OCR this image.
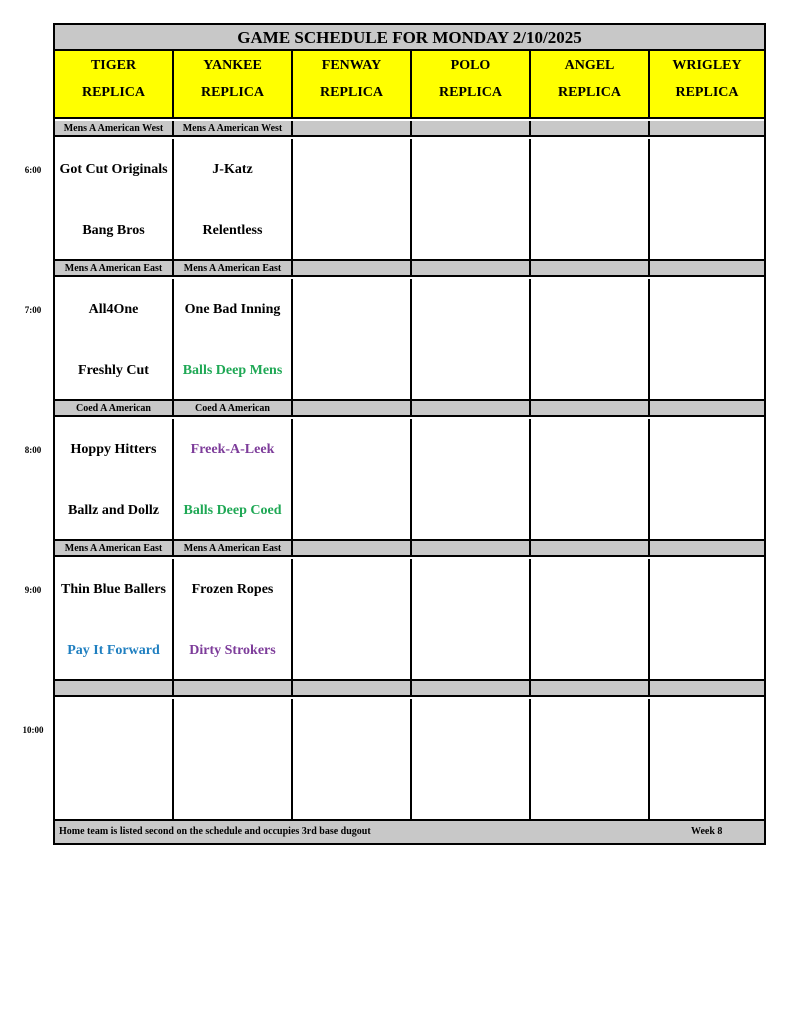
GAME SCHEDULE FOR MONDAY 2/10/2025
TIGER
REPLICA
YANKEE
REPLICA
FENWAY
REPLICA
POLO
REPLICA
ANGEL
REPLICA
WRIGLEY
REPLICA
Mens A American West
Got Cut Originals
Bang Bros
Mens A American West
J-Katz
Relentless
Mens A American East
All4One
Freshly Cut
Mens A American East
One Bad Inning
Balls Deep Mens
Coed A American
Hoppy Hitters
Ballz and Dollz
Coed A American
Freek-A-Leek
Balls Deep Coed
Mens A American East
Thin Blue Ballers
Pay It Forward
Mens A American East
Frozen Ropes
Dirty Strokers
Home team is listed second on the schedule and occupies 3rd base dugout	Week 8
6:00
7:00
8:00
9:00
10:00
